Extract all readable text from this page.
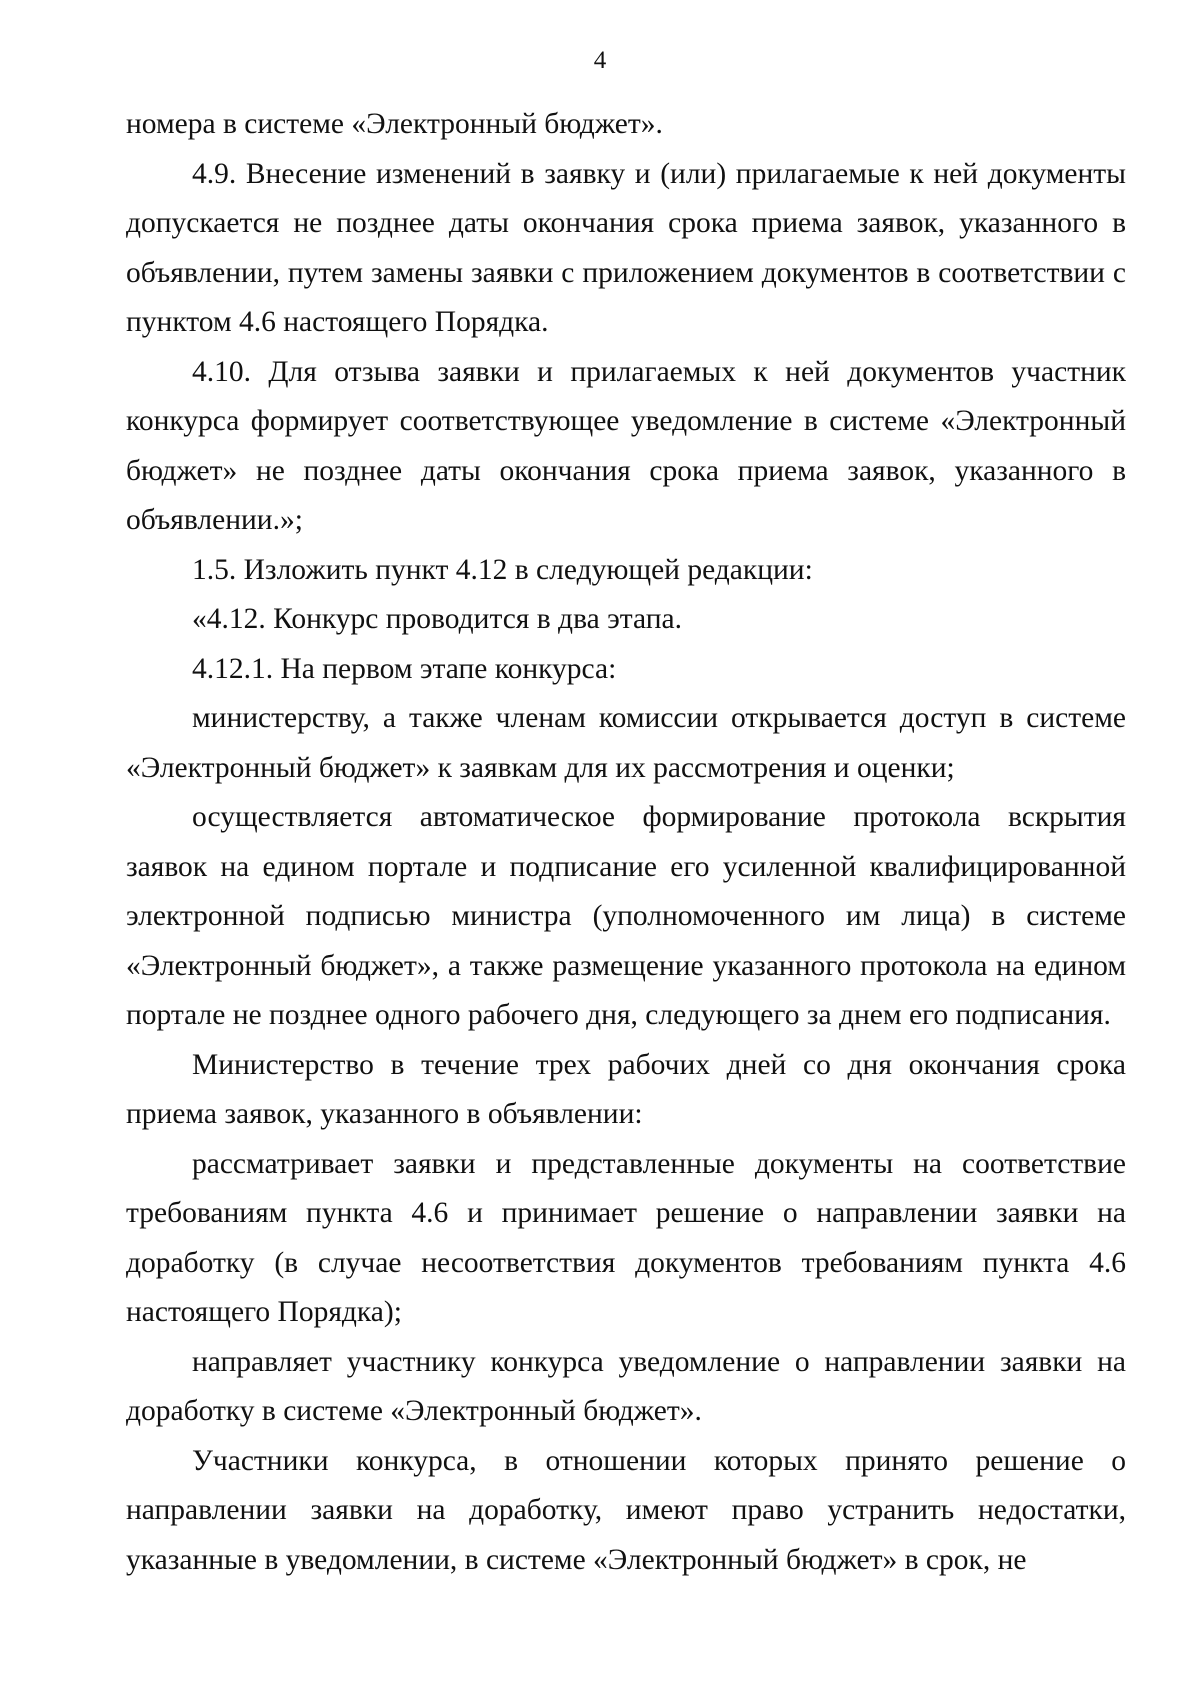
4

номера в системе «Электронный бюджет».

4.9. Внесение изменений в заявку и (или) прилагаемые к ней документы допускается не позднее даты окончания срока приема заявок, указанного в объявлении, путем замены заявки с приложением документов в соответствии с пунктом 4.6 настоящего Порядка.

4.10. Для отзыва заявки и прилагаемых к ней документов участник конкурса формирует соответствующее уведомление в системе «Электронный бюджет» не позднее даты окончания срока приема заявок, указанного в объявлении.»;

1.5. Изложить пункт 4.12 в следующей редакции:

«4.12. Конкурс проводится в два этапа.

4.12.1. На первом этапе конкурса:

министерству, а также членам комиссии открывается доступ в системе «Электронный бюджет» к заявкам для их рассмотрения и оценки;

осуществляется автоматическое формирование протокола вскрытия заявок на едином портале и подписание его усиленной квалифицированной электронной подписью министра (уполномоченного им лица) в системе «Электронный бюджет», а также размещение указанного протокола на едином портале не позднее одного рабочего дня, следующего за днем его подписания.

Министерство в течение трех рабочих дней со дня окончания срока приема заявок, указанного в объявлении:

рассматривает заявки и представленные документы на соответствие требованиям пункта 4.6 и принимает решение о направлении заявки на доработку (в случае несоответствия документов требованиям пункта 4.6 настоящего Порядка);

направляет участнику конкурса уведомление о направлении заявки на доработку в системе «Электронный бюджет».

Участники конкурса, в отношении которых принято решение о направлении заявки на доработку, имеют право устранить недостатки, указанные в уведомлении, в системе «Электронный бюджет» в срок, не
